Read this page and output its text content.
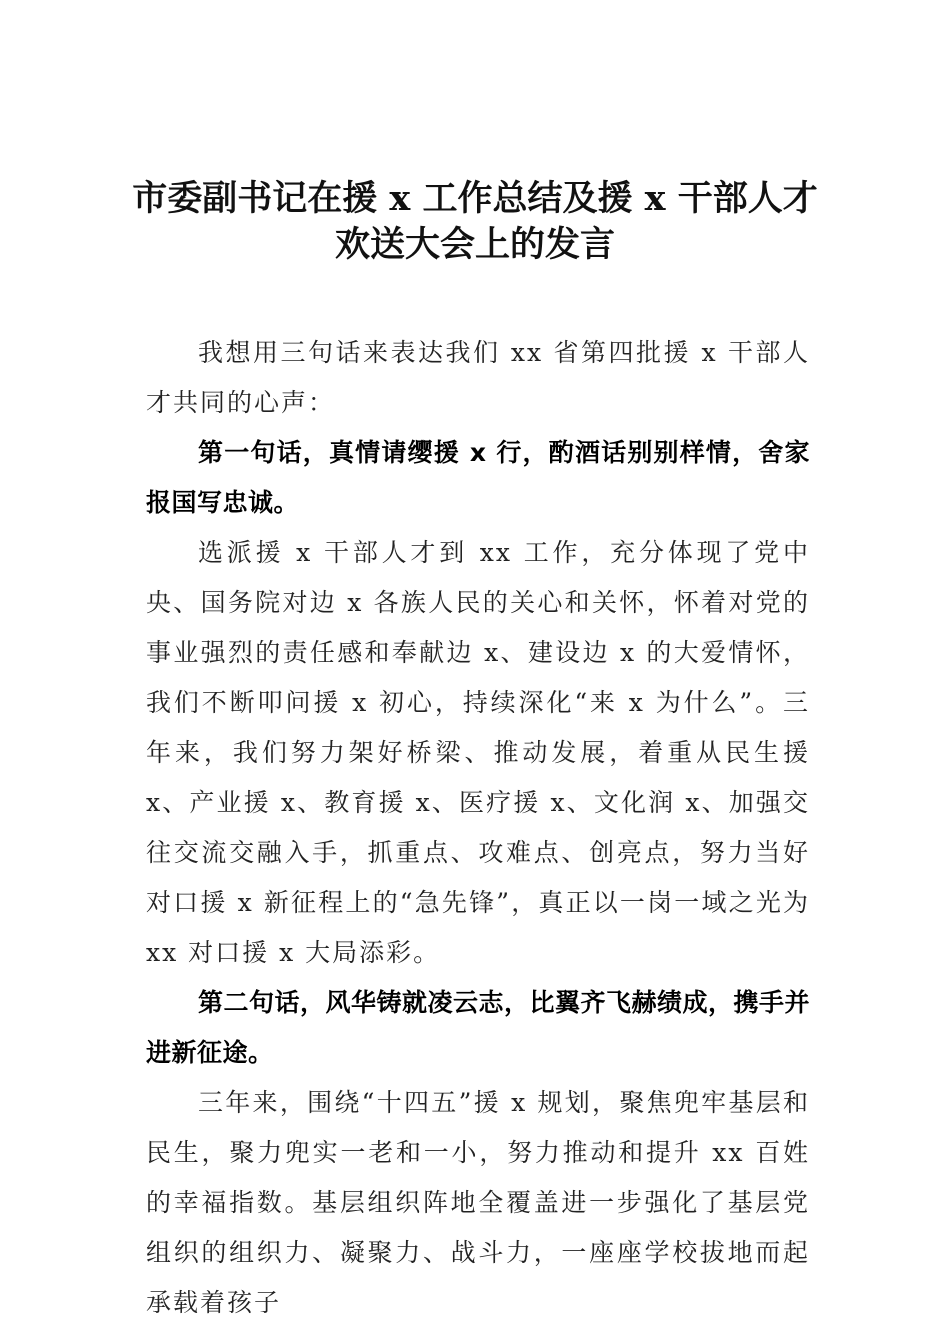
市委副书记在援 x 工作总结及援 x 干部人才
欢送大会上的发言

我想用三句话来表达我们 xx 省第四批援 x 干部人才共同的心声：

第一句话，真情请缨援 x 行，酌酒话别别样情，舍家报国写忠诚。

选派援 x 干部人才到 xx 工作，充分体现了党中央、国务院对边 x 各族人民的关心和关怀，怀着对党的事业强烈的责任感和奉献边 x、建设边 x 的大爱情怀，我们不断叩问援 x 初心，持续深化“来 x 为什么”。三年来，我们努力架好桥梁、推动发展，着重从民生援 x、产业援 x、教育援 x、医疗援 x、文化润 x、加强交往交流交融入手，抓重点、攻难点、创亮点，努力当好对口援 x 新征程上的“急先锋”，真正以一岗一域之光为 xx 对口援 x 大局添彩。

第二句话，风华铸就凌云志，比翼齐飞赫绩成，携手并进新征途。

三年来，围绕“十四五”援 x 规划，聚焦兜牢基层和民生，聚力兜实一老和一小，努力推动和提升 xx 百姓的幸福指数。基层组织阵地全覆盖进一步强化了基层党组织的组织力、凝聚力、战斗力，一座座学校拔地而起承载着孩子
